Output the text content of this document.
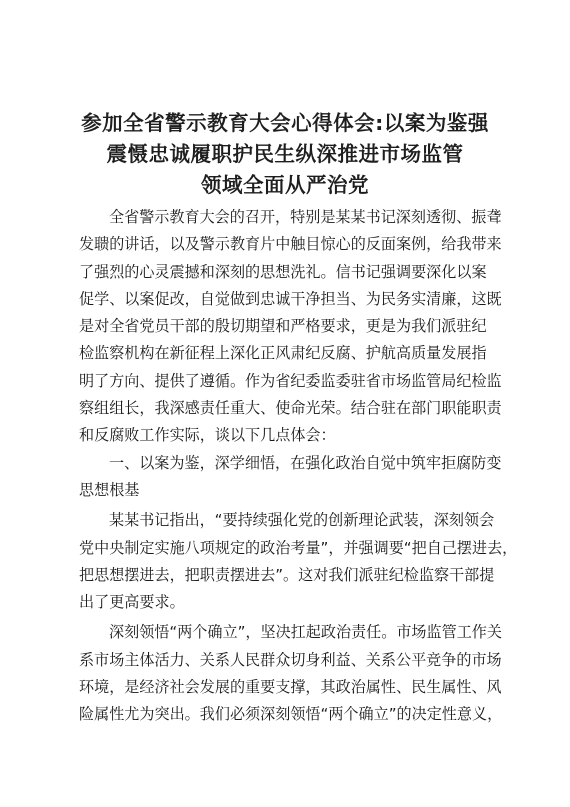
参加全省警示教育大会心得体会:以案为鉴强
震慑忠诚履职护民生纵深推进市场监管
领域全面从严治党
全省警示教育大会的召开，特别是某某书记深刻透彻、振聋
发聩的讲话，以及警示教育片中触目惊心的反面案例，给我带来
了强烈的心灵震撼和深刻的思想洗礼。信书记强调要深化以案
促学、以案促改，自觉做到忠诚干净担当、为民务实清廉，这既
是对全省党员干部的殷切期望和严格要求，更是为我们派驻纪
检监察机构在新征程上深化正风肃纪反腐、护航高质量发展指
明了方向、提供了遵循。作为省纪委监委驻省市场监管局纪检监
察组组长，我深感责任重大、使命光荣。结合驻在部门职能职责
和反腐败工作实际，谈以下几点体会：
一、以案为鉴，深学细悟，在强化政治自觉中筑牢拒腐防变
思想根基
某某书记指出，“要持续强化党的创新理论武装，深刻领会
党中央制定实施八项规定的政治考量”，并强调要“把自己摆进去，
把思想摆进去，把职责摆进去”。这对我们派驻纪检监察干部提
出了更高要求。
深刻领悟“两个确立”，坚决扛起政治责任。市场监管工作关
系市场主体活力、关系人民群众切身利益、关系公平竞争的市场
环境，是经济社会发展的重要支撑，其政治属性、民生属性、风
险属性尤为突出。我们必须深刻领悟“两个确立”的决定性意义，
